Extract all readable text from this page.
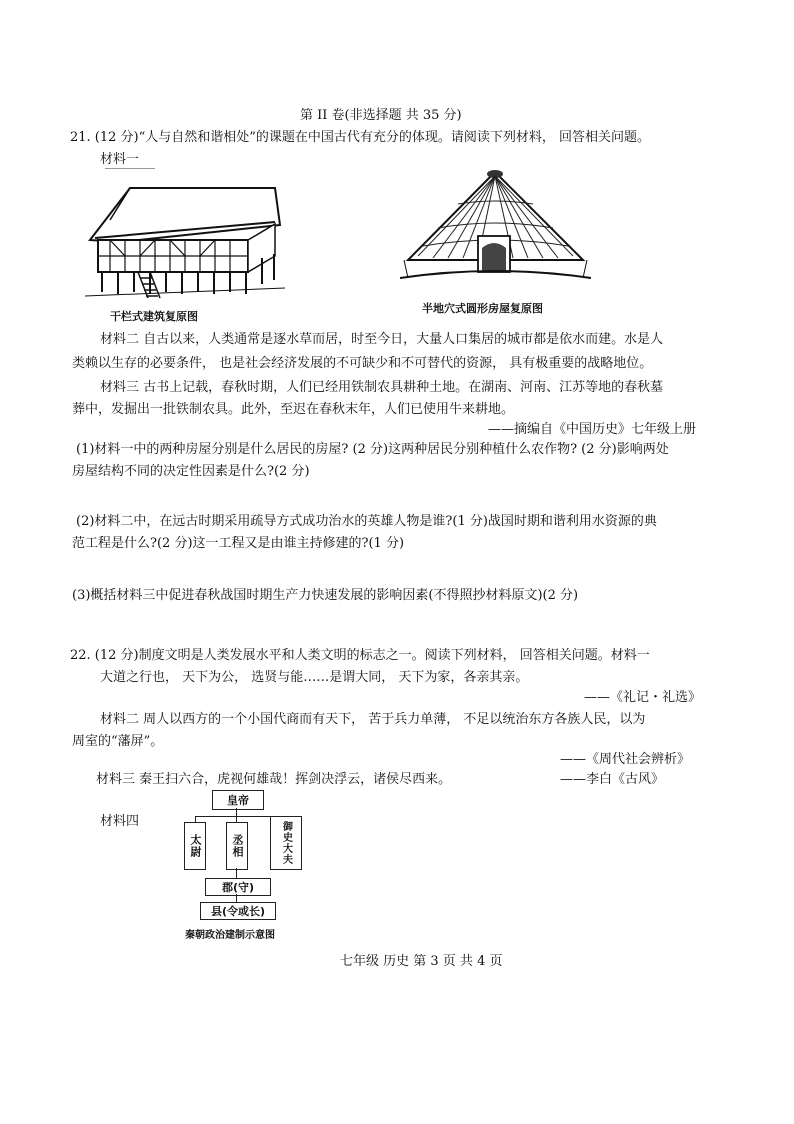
第 II 卷(非选择题 共 35 分)
21. (12 分)“人与自然和谐相处”的课题在中国古代有充分的体现。请阅读下列材料， 回答相关问题。
材料一
干栏式建筑复原图
半地穴式圆形房屋复原图
材料二 自古以来，人类通常是逐水草而居，时至今日，大量人口集居的城市都是依水而建。水是人
类赖以生存的必要条件， 也是社会经济发展的不可缺少和不可替代的资源， 具有极重要的战略地位。
材料三 古书上记载，春秋时期，人们已经用铁制农具耕种土地。在湖南、河南、江苏等地的春秋墓
葬中，发掘出一批铁制农具。此外，至迟在春秋末年，人们已使用牛来耕地。
——摘编自《中国历史》七年级上册
(1)材料一中的两种房屋分别是什么居民的房屋? (2 分)这两种居民分别种植什么农作物? (2 分)影响两处
房屋结构不同的决定性因素是什么?(2 分)
(2)材料二中，在远古时期采用疏导方式成功治水的英雄人物是谁?(1 分)战国时期和谐利用水资源的典
范工程是什么?(2 分)这一工程又是由谁主持修建的?(1 分)
(3)概括材料三中促进春秋战国时期生产力快速发展的影响因素(不得照抄材料原文)(2 分)
22. (12 分)制度文明是人类发展水平和人类文明的标志之一。阅读下列材料， 回答相关问题。材料一
大道之行也， 天下为公， 选贤与能……是谓大同， 天下为家，各亲其亲。
——《礼记・礼选》
材料二 周人以西方的一个小国代商而有天下， 苦于兵力单薄， 不足以统治东方各族人民，以为
周室的“藩屏”。
——《周代社会辨析》
材料三 秦王扫六合，虎视何雄哉！挥剑决浮云，诸侯尽西来。	——李白《古风》
材料四
皇帝
太尉	丞相	御史大夫
郡(守)
县(令或长)
秦朝政治建制示意图
七年级 历史 第 3 页 共 4 页
